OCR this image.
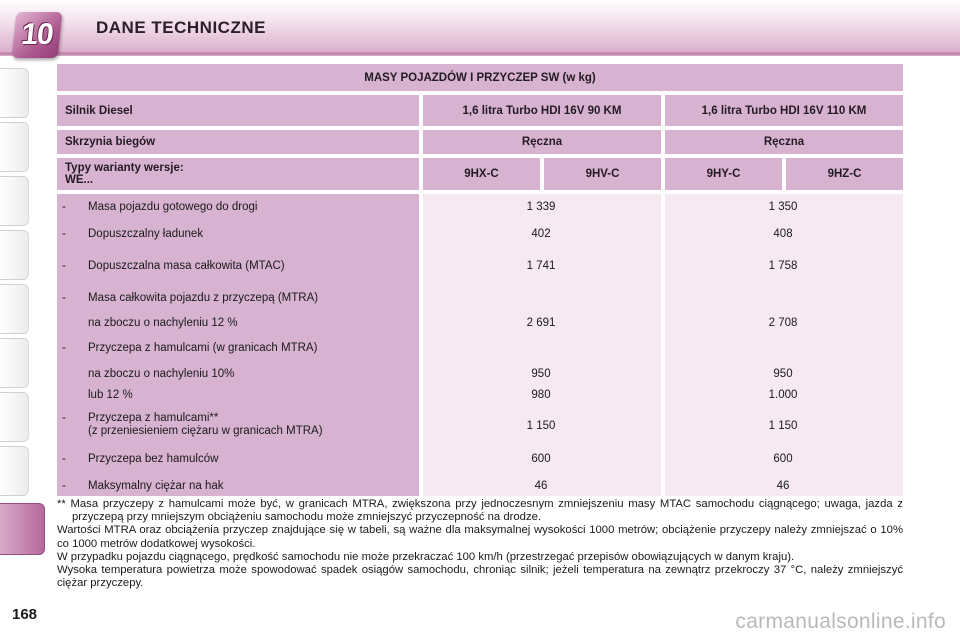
10	DANE TECHNICZNE
168
MASY POJAZDÓW I PRZYCZEP SW (w kg)
Silnik Diesel	1,6 litra Turbo HDI 16V 90 KM	1,6 litra Turbo HDI 16V 110 KM
Skrzynia biegów	Ręczna	Ręczna
Typy warianty wersje:
WE...	9HX-C	9HV-C	9HY-C	9HZ-C
- Masa pojazdu gotowego do drogi	1 339	1 350
- Dopuszczalny ładunek	402	408
- Dopuszczalna masa całkowita (MTAC)	1 741	1 758
- Masa całkowita pojazdu z przyczepą (MTRA)
na zboczu o nachyleniu 12 %	2 691	2 708
- Przyczepa z hamulcami (w granicach MTRA)
na zboczu o nachyleniu 10%	950	950
lub 12 %	980	1.000
- Przyczepa z hamulcami**
(z przeniesieniem ciężaru w granicach MTRA)	1 150	1 150
- Przyczepa bez hamulców	600	600
- Maksymalny ciężar na hak	46	46

** Masa przyczepy z hamulcami może być, w granicach MTRA, zwiększona przy jednoczesnym zmniejszeniu masy MTAC samochodu ciągnącego; uwaga, jazda z przyczepą przy mniejszym obciążeniu samochodu może zmniejszyć przyczepność na drodze.

Wartości MTRA oraz obciążenia przyczep znajdujące się w tabeli, są ważne dla maksymalnej wysokości 1000 metrów; obciążenie przyczepy należy zmniejszać o 10% co 1000 metrów dodatkowej wysokości.

W przypadku pojazdu ciągnącego, prędkość samochodu nie może przekraczać 100 km/h (przestrzegać przepisów obowiązujących w danym kraju).

Wysoka temperatura powietrza może spowodować spadek osiągów samochodu, chroniąc silnik; jeżeli temperatura na zewnątrz przekroczy 37 °C, należy zmniejszyć ciężar przyczepy.

carmanualsonline.info
